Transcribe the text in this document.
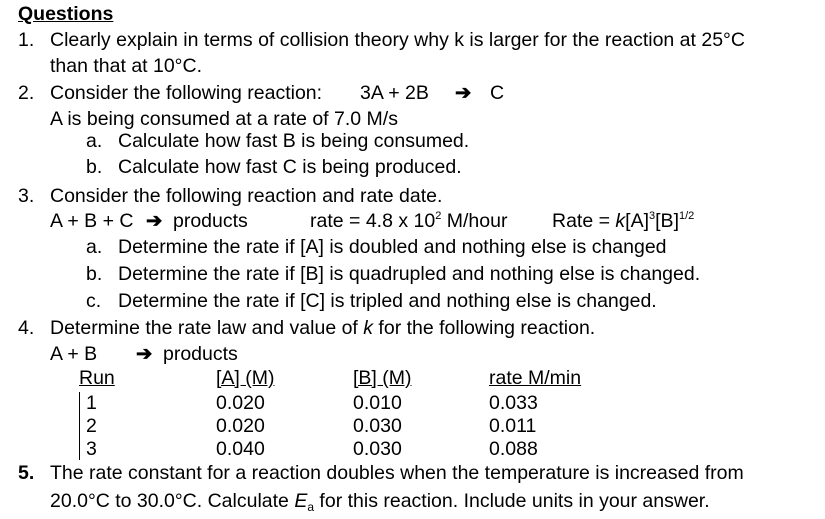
Questions
1. Clearly explain in terms of collision theory why k is larger for the reaction at 25°C
than that at 10°C.
2. Consider the following reaction: 3A + 2B ➔ C
A is being consumed at a rate of 7.0 M/s
a. Calculate how fast B is being consumed.
b. Calculate how fast C is being produced.
3. Consider the following reaction and rate date.
A + B + C ➔ products	rate = 4.8 x $10^2$ M/hour Rate = $k[A]^3[B]^{1/2}$
a. Determine the rate if [A] is doubled and nothing else is changed
b. Determine the rate if [B] is quadrupled and nothing else is changed.
c. Determine the rate if [C] is tripled and nothing else is changed.
4. Determine the rate law and value of k for the following reaction.
A + B ➔ products
Run	[A] (M)	[B] (M)	rate M/min
1	0.020	0.010	0.033
2	0.020	0.030	0.011
3	0.040	0.030	0.088
5. The rate constant for a reaction doubles when the temperature is increased from
20.0°C to 30.0°C. Calculate $E_a$ for this reaction. Include units in your answer.
